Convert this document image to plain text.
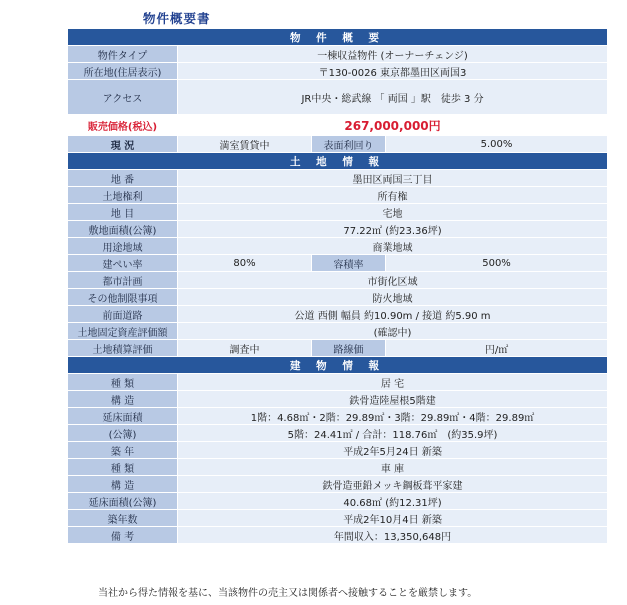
物件概要書
物 件 概 要			
物件タイプ	一棟収益物件 (オーナーチェンジ)		
所在地(住居表示)	〒130-0026 東京都墨田区両国3		
アクセス	JR中央・総武線 「 両国 」駅　徒歩 3 分		
販売価格(税込)	267,000,000円		
現 況	満室賃貸中	表面利回り	5.00%
土 地 情 報			
地 番	墨田区両国三丁目		
土地権利	所有権		
地 目	宅地		
敷地面積(公簿)	77.22㎡ (約23.36坪)		
用途地域	商業地域		
建ぺい率	80%	容積率	500%
都市計画	市街化区域		
その他制限事項	防火地域		
前面道路	公道 西側 幅員 約10.90m / 接道 約5.90 m		
土地固定資産評価額	(確認中)		
土地積算評価	調査中	路線価	円/㎡
建 物 情 報			
種 類	居 宅		
構 造	鉄骨造陸屋根5階建		
延床面積	1階：4.68㎡・2階：29.89㎡・3階：29.89㎡・4階：29.89㎡		
(公簿)	5階：24.41㎡ / 合計：118.76㎡　(約35.9坪)		
築 年	平成2年5月24日 新築		
種 類	車 庫		
構 造	鉄骨造亜鉛メッキ鋼板葺平家建		
延床面積(公簿)	40.68㎡ (約12.31坪)		
築年数	平成2年10月4日 新築		
備 考	年間収入：13,350,648円		
当社から得た情報を基に、当該物件の売主又は関係者へ接触することを厳禁します。
